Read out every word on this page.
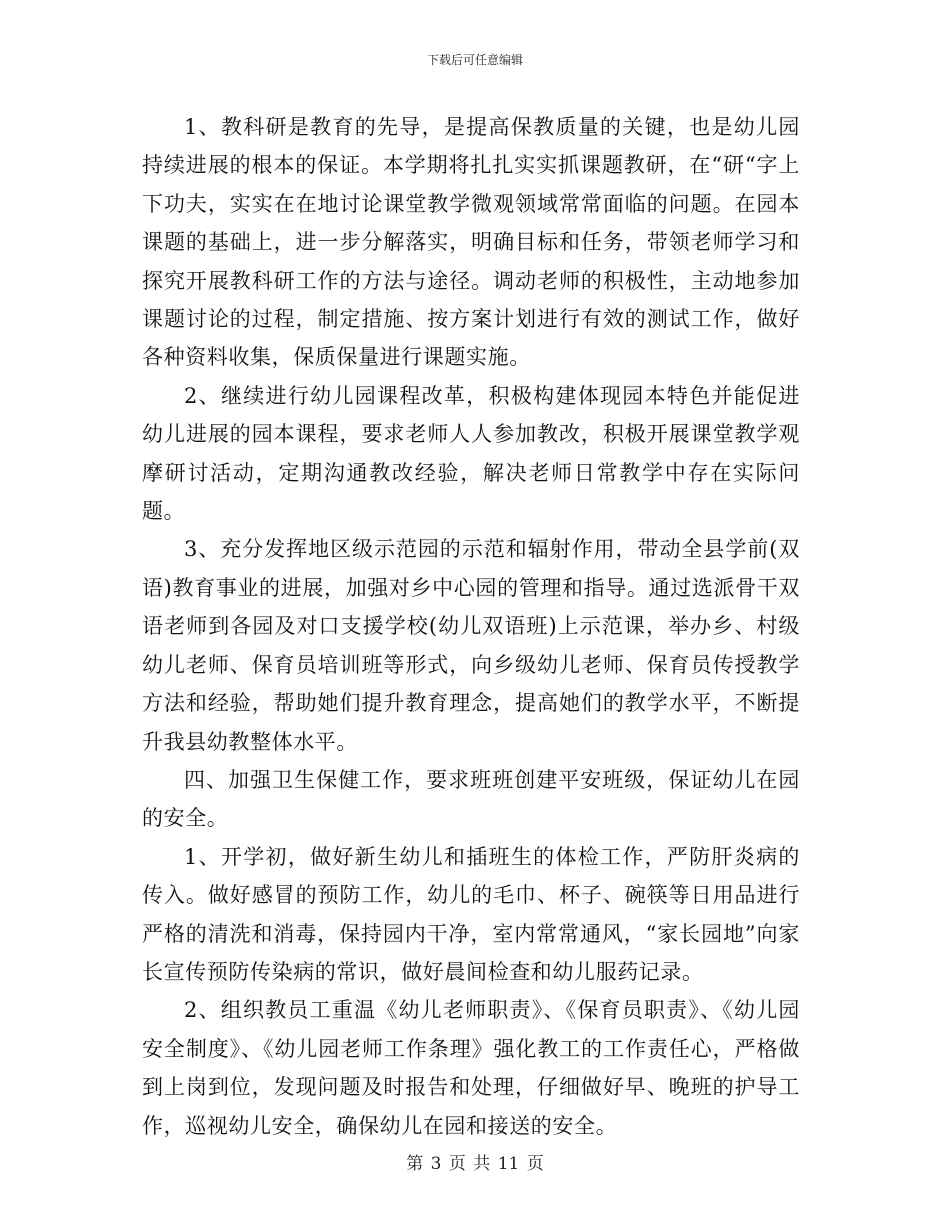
下载后可任意编辑

1、教科研是教育的先导，是提高保教质量的关键，也是幼儿园持续进展的根本的保证。本学期将扎扎实实抓课题教研，在“研“字上下功夫，实实在在地讨论课堂教学微观领域常常面临的问题。在园本课题的基础上，进一步分解落实，明确目标和任务，带领老师学习和探究开展教科研工作的方法与途径。调动老师的积极性，主动地参加课题讨论的过程，制定措施、按方案计划进行有效的测试工作，做好各种资料收集，保质保量进行课题实施。

2、继续进行幼儿园课程改革，积极构建体现园本特色并能促进幼儿进展的园本课程，要求老师人人参加教改，积极开展课堂教学观摩研讨活动，定期沟通教改经验，解决老师日常教学中存在实际问题。

3、充分发挥地区级示范园的示范和辐射作用，带动全县学前(双语)教育事业的进展，加强对乡中心园的管理和指导。通过选派骨干双语老师到各园及对口支援学校(幼儿双语班)上示范课，举办乡、村级幼儿老师、保育员培训班等形式，向乡级幼儿老师、保育员传授教学方法和经验，帮助她们提升教育理念，提高她们的教学水平，不断提升我县幼教整体水平。

四、加强卫生保健工作，要求班班创建平安班级，保证幼儿在园的安全。

1、开学初，做好新生幼儿和插班生的体检工作，严防肝炎病的传入。做好感冒的预防工作，幼儿的毛巾、杯子、碗筷等日用品进行严格的清洗和消毒，保持园内干净，室内常常通风，“家长园地”向家长宣传预防传染病的常识，做好晨间检查和幼儿服药记录。

2、组织教员工重温《幼儿老师职责》、《保育员职责》、《幼儿园安全制度》、《幼儿园老师工作条理》强化教工的工作责任心，严格做到上岗到位，发现问题及时报告和处理，仔细做好早、晚班的护导工作，巡视幼儿安全，确保幼儿在园和接送的安全。

第 3 页 共 11 页
